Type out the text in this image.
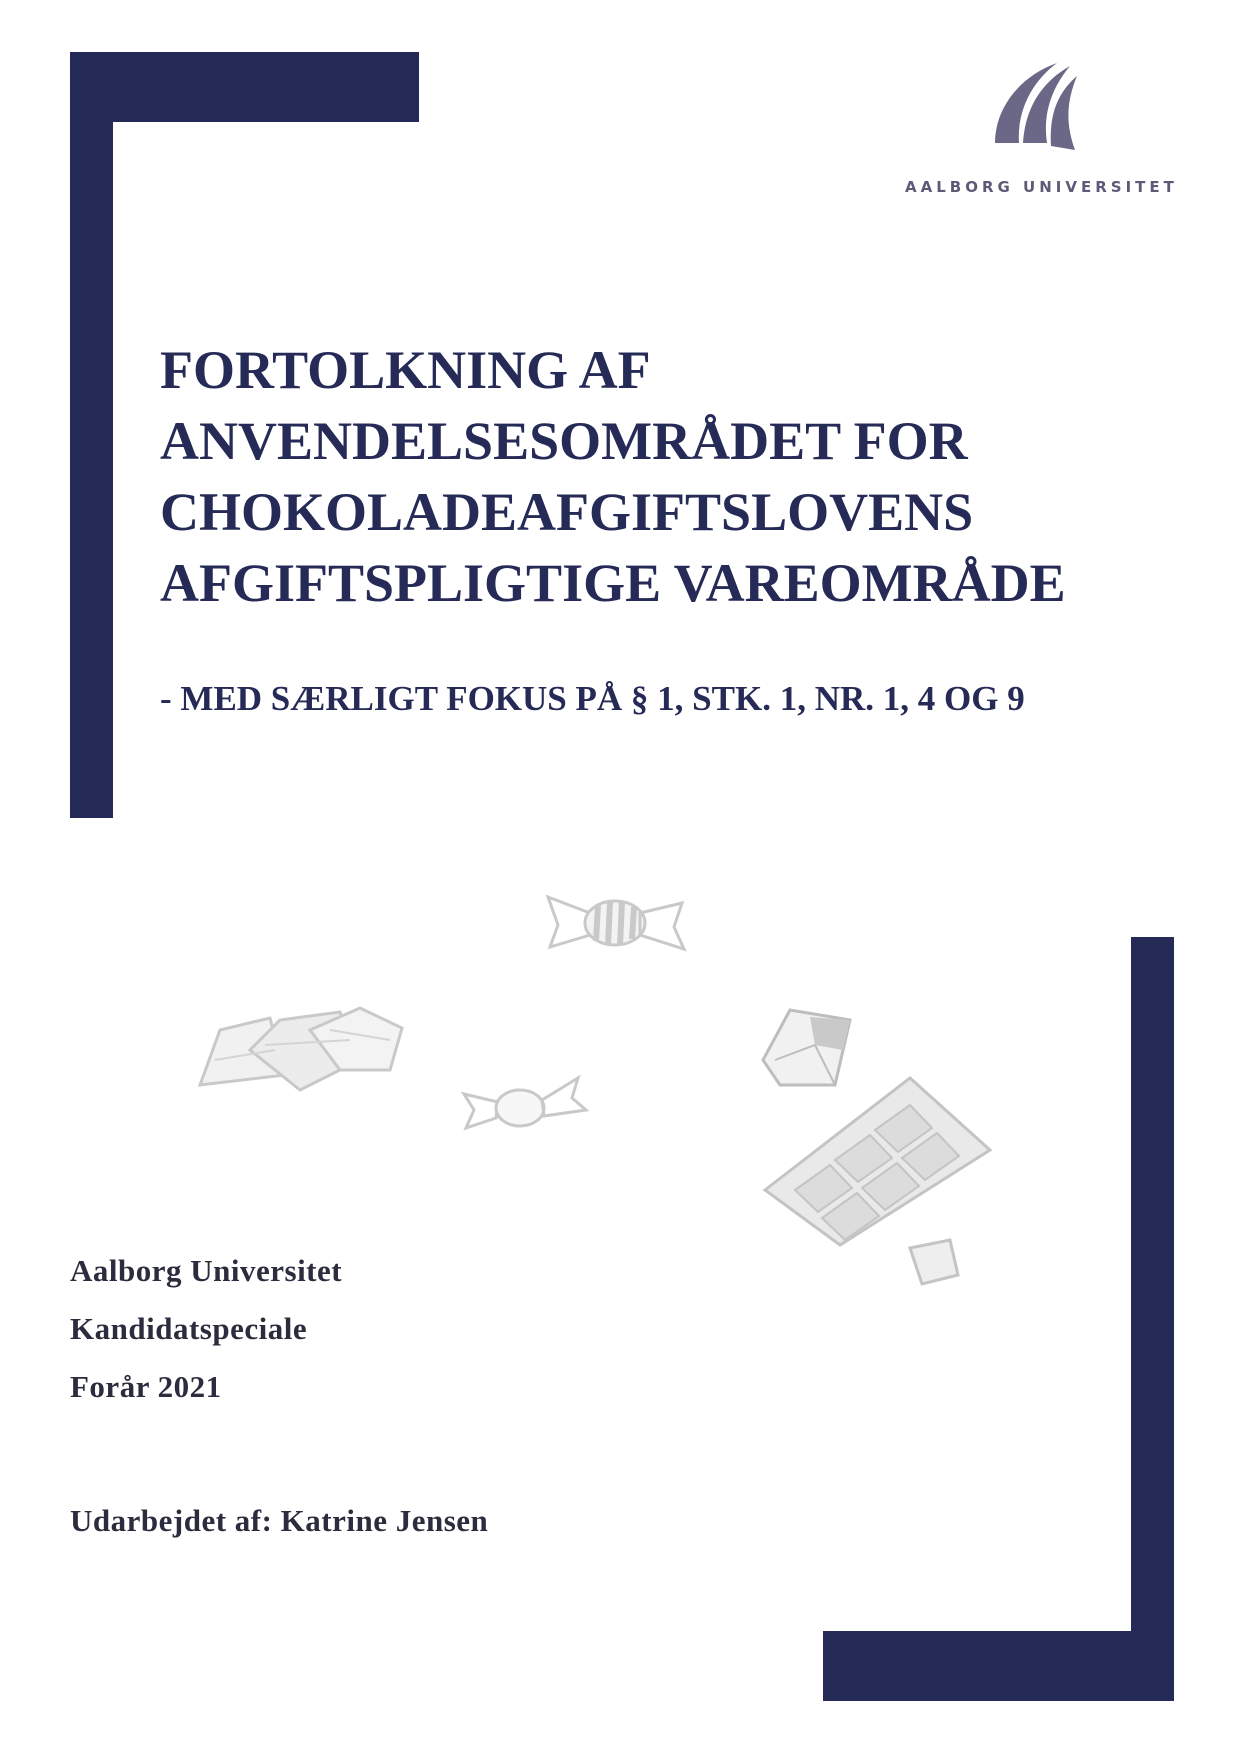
AALBORG UNIVERSITET
FORTOLKNING AF
ANVENDELSESOMRÅDET FOR
CHOKOLADEAFGIFTSLOVENS
AFGIFTSPLIGTIGE VAREOMRÅDE

- MED SÆRLIGT FOKUS PÅ § 1, STK. 1, NR. 1, 4 OG 9

Aalborg Universitet

Kandidatspeciale

Forår 2021

Udarbejdet af: Katrine Jensen
